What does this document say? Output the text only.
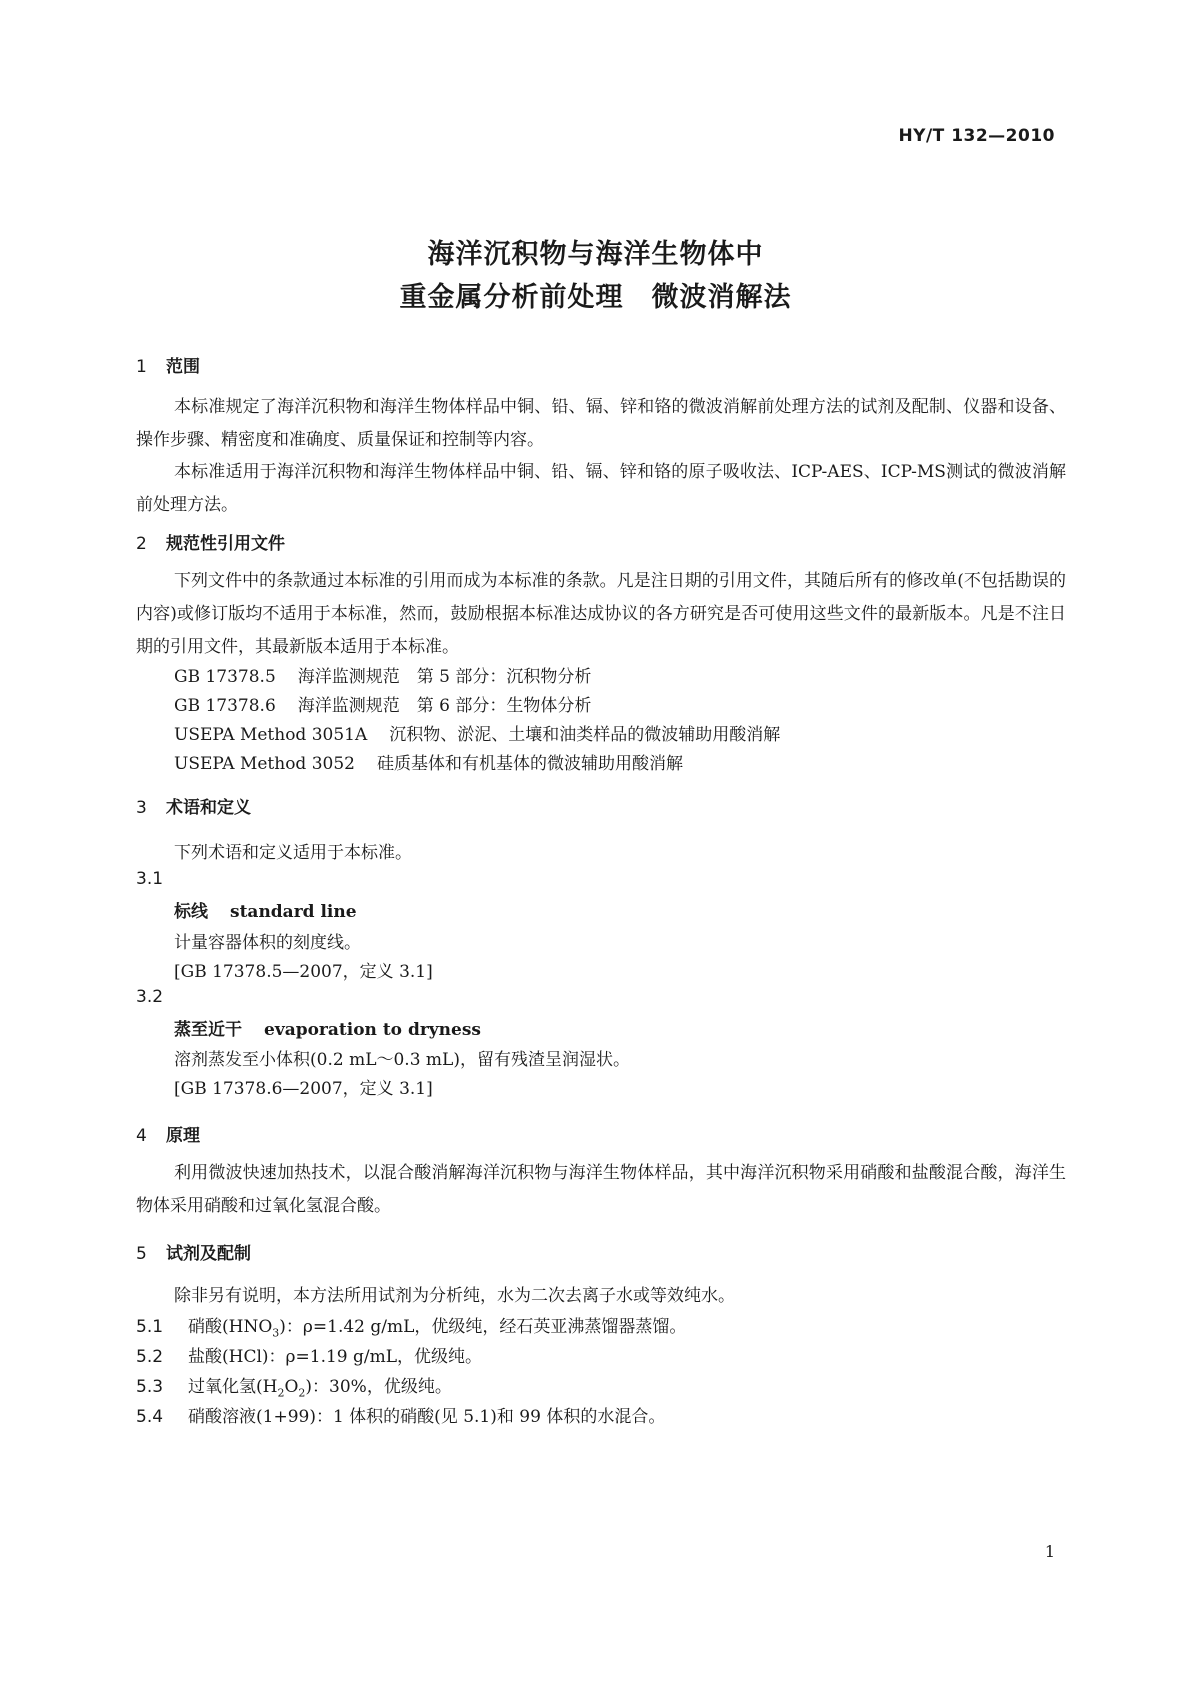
HY/T 132—2010
海洋沉积物与海洋生物体中
重金属分析前处理　微波消解法
1 范围
本标准规定了海洋沉积物和海洋生物体样品中铜、铅、镉、锌和铬的微波消解前处理方法的试剂及配制、仪器和设备、操作步骤、精密度和准确度、质量保证和控制等内容。
本标准适用于海洋沉积物和海洋生物体样品中铜、铅、镉、锌和铬的原子吸收法、ICP-AES、ICP-MS测试的微波消解前处理方法。
2 规范性引用文件
下列文件中的条款通过本标准的引用而成为本标准的条款。凡是注日期的引用文件，其随后所有的修改单(不包括勘误的内容)或修订版均不适用于本标准，然而，鼓励根据本标准达成协议的各方研究是否可使用这些文件的最新版本。凡是不注日期的引用文件，其最新版本适用于本标准。
GB 17378.5 海洋监测规范　第 5 部分：沉积物分析
GB 17378.6 海洋监测规范　第 6 部分：生物体分析
USEPA Method 3051A 沉积物、淤泥、土壤和油类样品的微波辅助用酸消解
USEPA Method 3052 硅质基体和有机基体的微波辅助用酸消解
3 术语和定义
下列术语和定义适用于本标准。
3.1
标线 standard line
计量容器体积的刻度线。
[GB 17378.5—2007，定义 3.1]
3.2
蒸至近干 evaporation to dryness
溶剂蒸发至小体积(0.2 mL～0.3 mL)，留有残渣呈润湿状。
[GB 17378.6—2007，定义 3.1]
4 原理
利用微波快速加热技术，以混合酸消解海洋沉积物与海洋生物体样品，其中海洋沉积物采用硝酸和盐酸混合酸，海洋生物体采用硝酸和过氧化氢混合酸。
5 试剂及配制
除非另有说明，本方法所用试剂为分析纯，水为二次去离子水或等效纯水。
5.1 硝酸$(HNO_3)$：ρ=1.42 g/mL，优级纯，经石英亚沸蒸馏器蒸馏。
5.2 盐酸(HCl)：ρ=1.19 g/mL，优级纯。
5.3 过氧化氢$(H_2O_2)$：30%，优级纯。
5.4 硝酸溶液(1+99)：1 体积的硝酸(见 5.1)和 99 体积的水混合。
1
